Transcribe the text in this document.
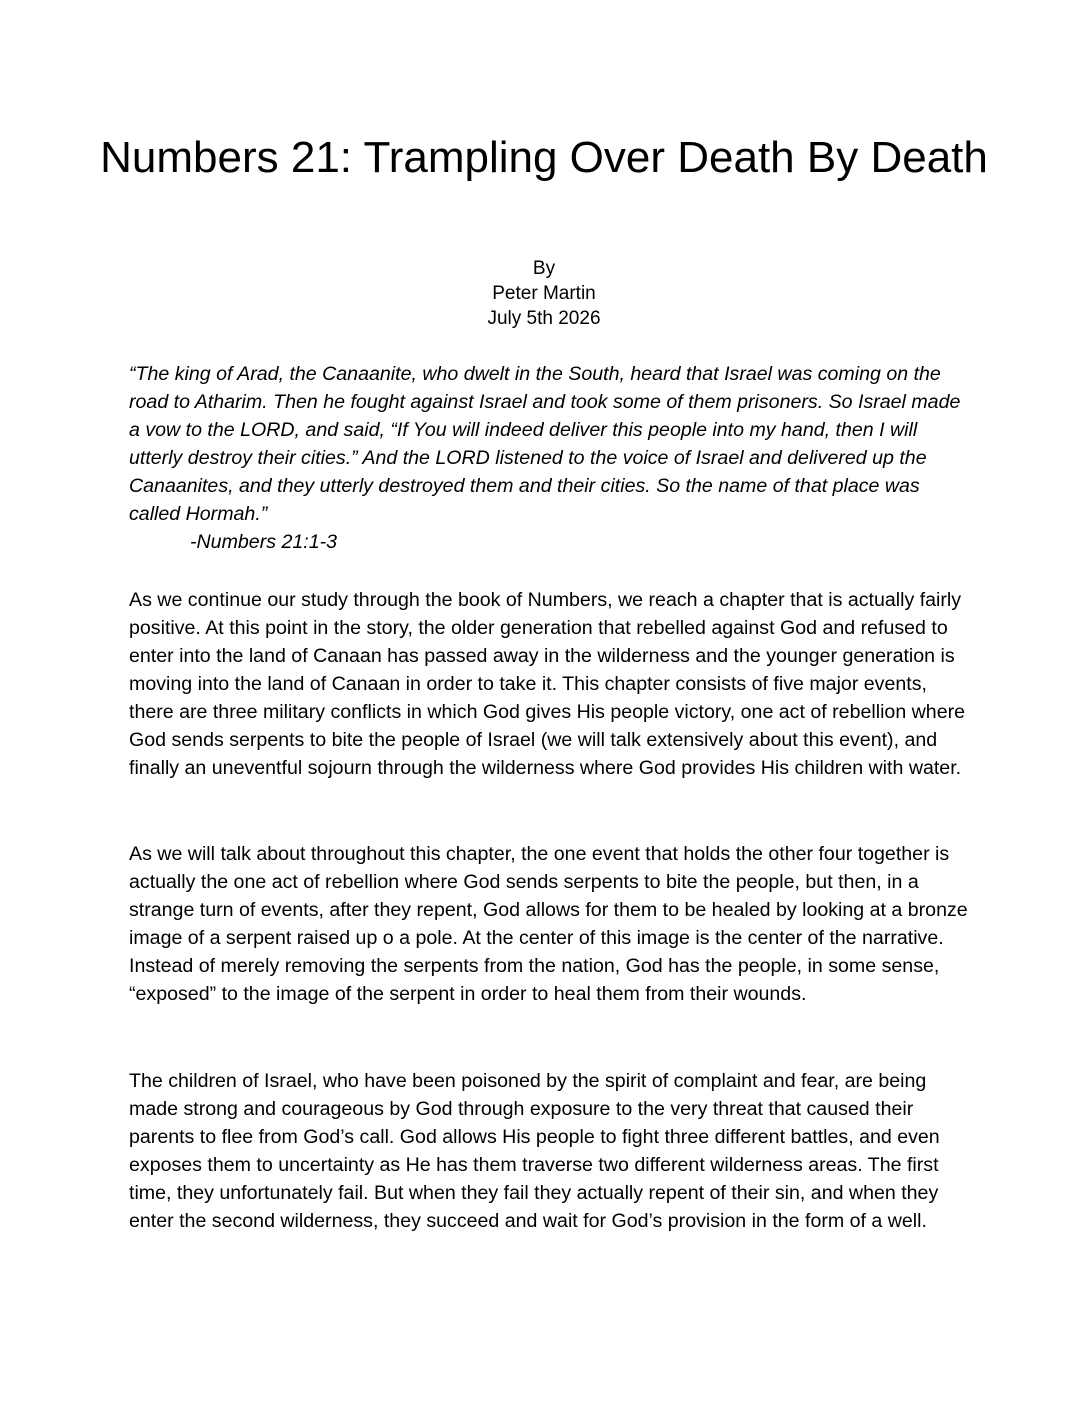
Numbers 21: Trampling Over Death By Death
By
Peter Martin
July 5th 2026

“The king of Arad, the Canaanite, who dwelt in the South, heard that Israel was coming on the road to Atharim. Then he fought against Israel and took some of them prisoners. So Israel made a vow to the LORD, and said, “If You will indeed deliver this people into my hand, then I will utterly destroy their cities.” And the LORD listened to the voice of Israel and delivered up the Canaanites, and they utterly destroyed them and their cities. So the name of that place was called Hormah.”

-Numbers 21:1-3

As we continue our study through the book of Numbers, we reach a chapter that is actually fairly positive. At this point in the story, the older generation that rebelled against God and refused to enter into the land of Canaan has passed away in the wilderness and the younger generation is moving into the land of Canaan in order to take it. This chapter consists of five major events, there are three military conflicts in which God gives His people victory, one act of rebellion where God sends serpents to bite the people of Israel (we will talk extensively about this event), and finally an uneventful sojourn through the wilderness where God provides His children with water.

As we will talk about throughout this chapter, the one event that holds the other four together is actually the one act of rebellion where God sends serpents to bite the people, but then, in a strange turn of events, after they repent, God allows for them to be healed by looking at a bronze image of a serpent raised up o a pole. At the center of this image is the center of the narrative. Instead of merely removing the serpents from the nation, God has the people, in some sense, “exposed” to the image of the serpent in order to heal them from their wounds.

The children of Israel, who have been poisoned by the spirit of complaint and fear, are being made strong and courageous by God through exposure to the very threat that caused their parents to flee from God’s call. God allows His people to fight three different battles, and even exposes them to uncertainty as He has them traverse two different wilderness areas. The first time, they unfortunately fail. But when they fail they actually repent of their sin, and when they enter the second wilderness, they succeed and wait for God’s provision in the form of a well.
